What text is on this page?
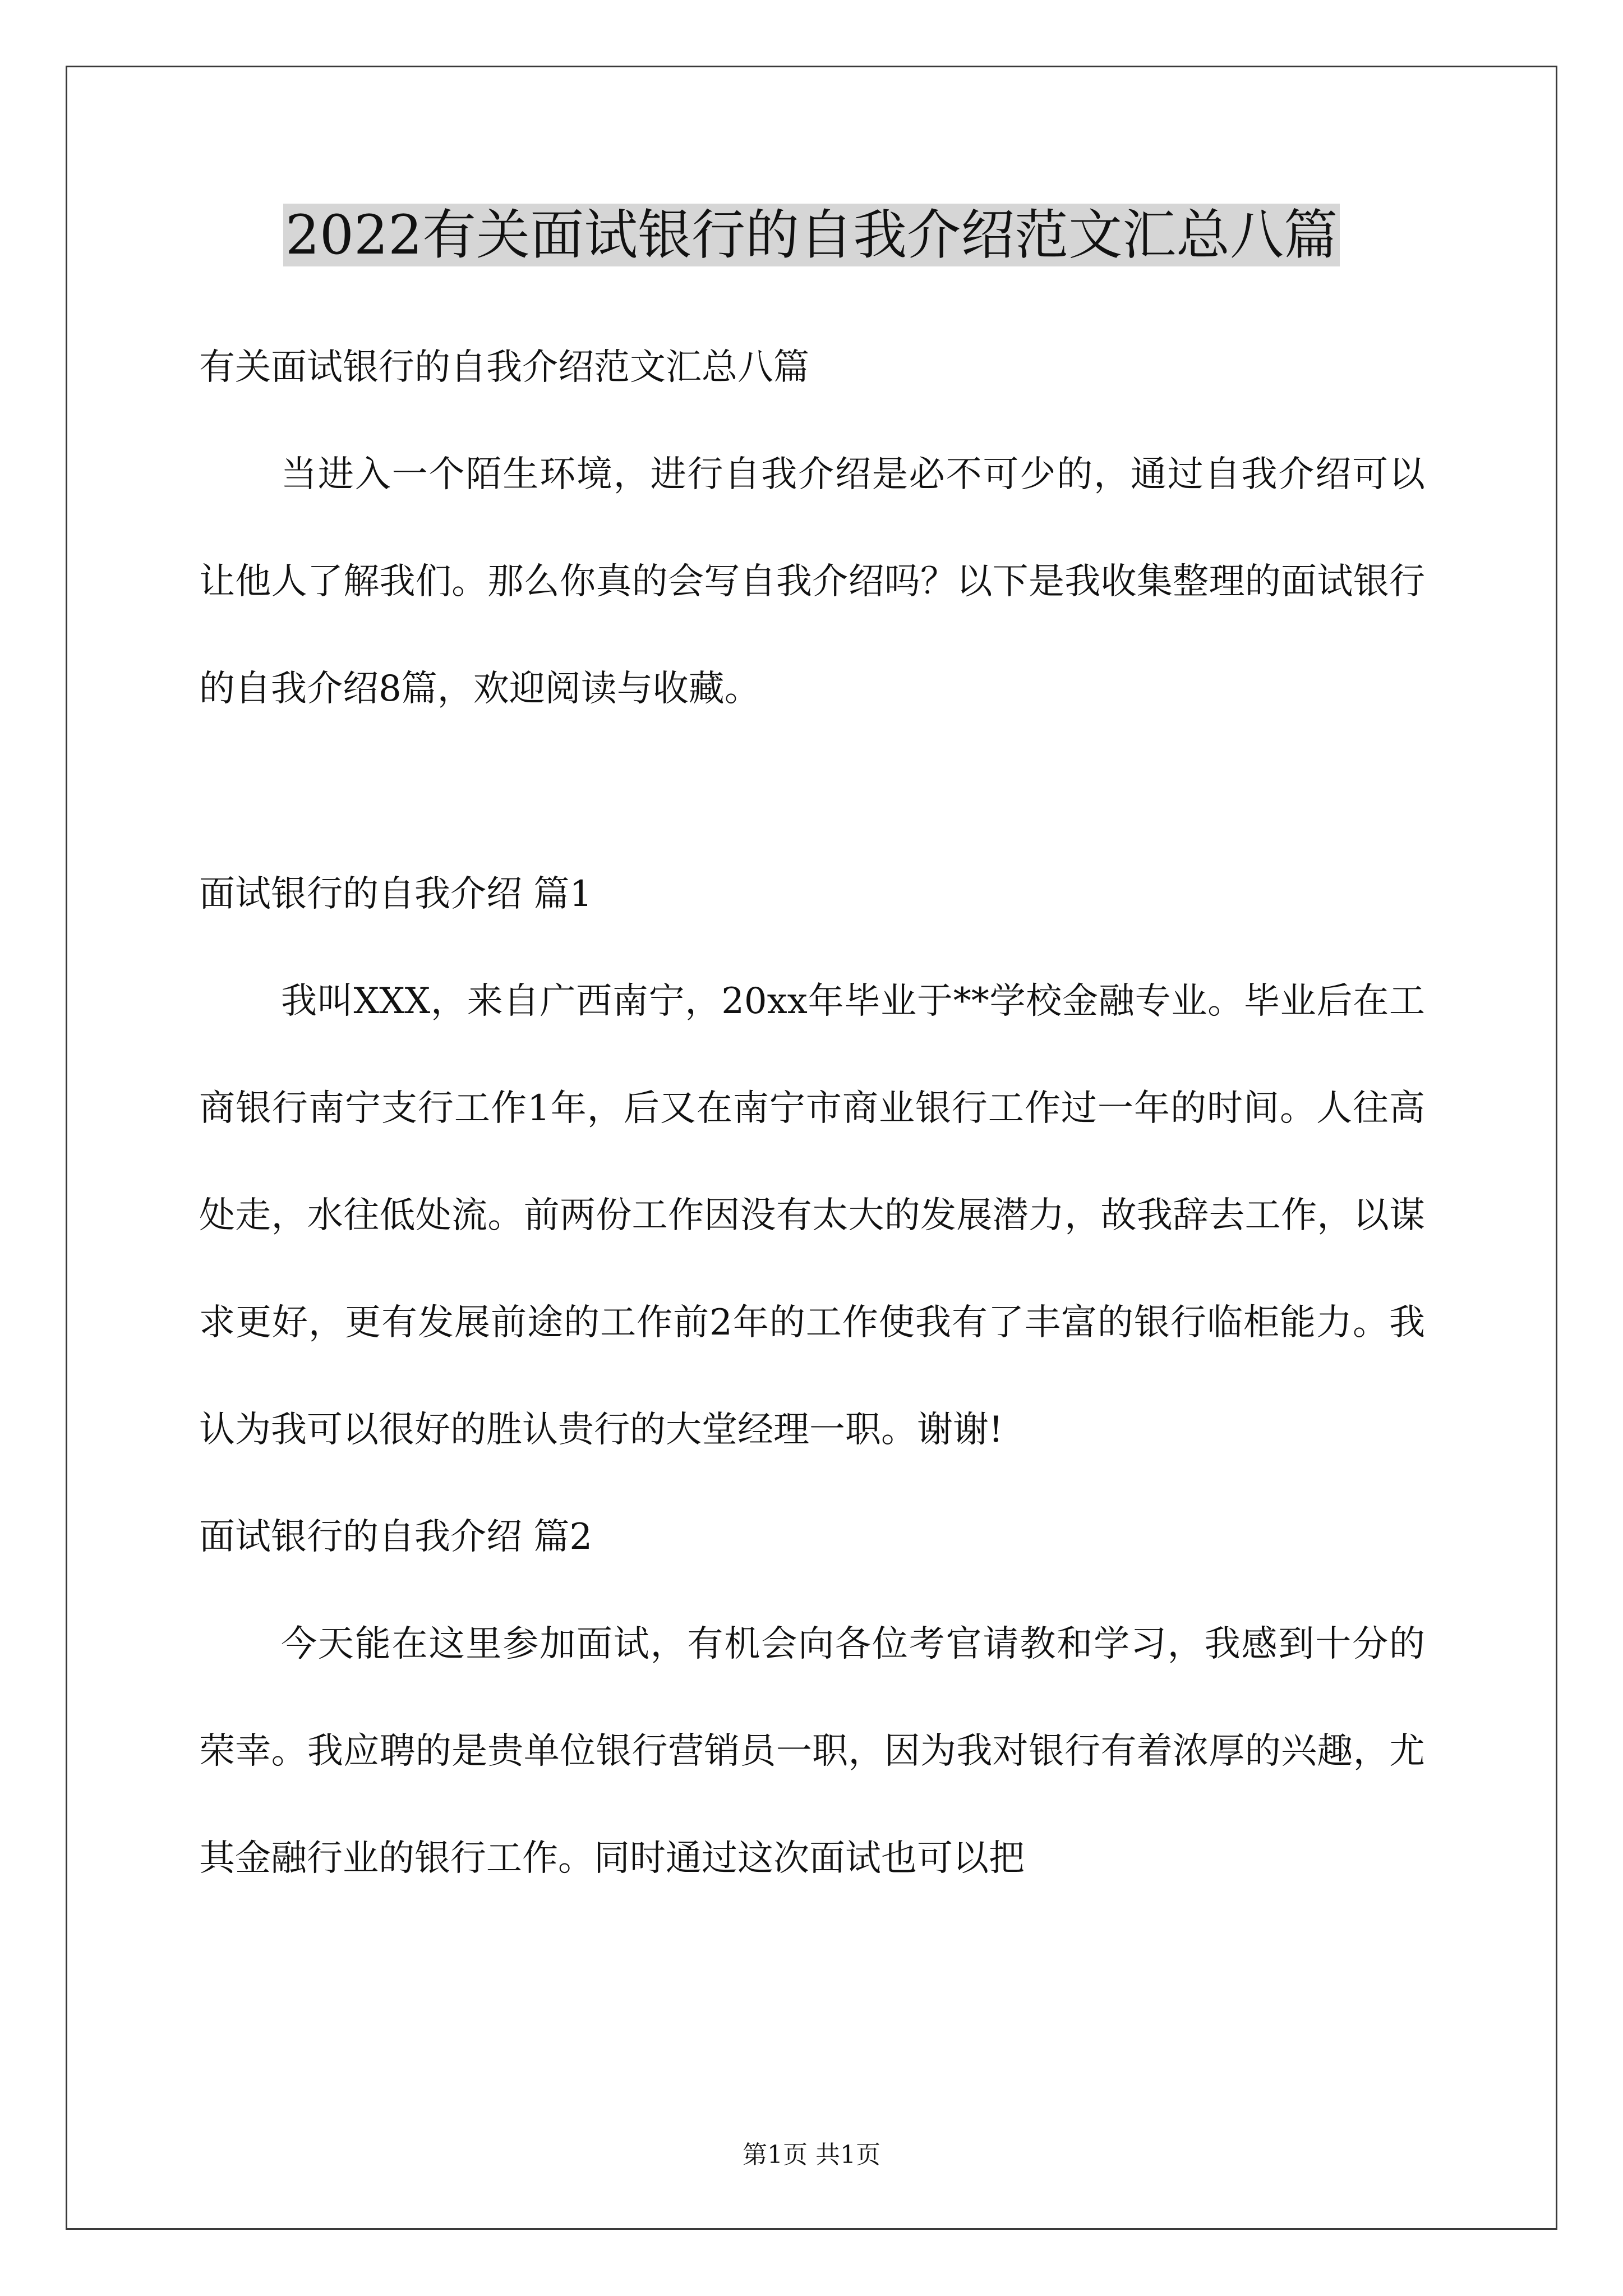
2022有关面试银行的自我介绍范文汇总八篇

有关面试银行的自我介绍范文汇总八篇

当进入一个陌生环境，进行自我介绍是必不可少的，通过自我介绍可以让他人了解我们。那么你真的会写自我介绍吗？以下是我收集整理的面试银行的自我介绍8篇，欢迎阅读与收藏。

面试银行的自我介绍 篇1

我叫XXX，来自广西南宁，20xx年毕业于**学校金融专业。毕业后在工商银行南宁支行工作1年，后又在南宁市商业银行工作过一年的时间。人往高处走，水往低处流。前两份工作因没有太大的发展潜力，故我辞去工作，以谋求更好，更有发展前途的工作前2年的工作使我有了丰富的银行临柜能力。我认为我可以很好的胜认贵行的大堂经理一职。谢谢!

面试银行的自我介绍 篇2

今天能在这里参加面试，有机会向各位考官请教和学习，我感到十分的荣幸。我应聘的是贵单位银行营销员一职，因为我对银行有着浓厚的兴趣，尤其金融行业的银行工作。同时通过这次面试也可以把

第1页 共1页
